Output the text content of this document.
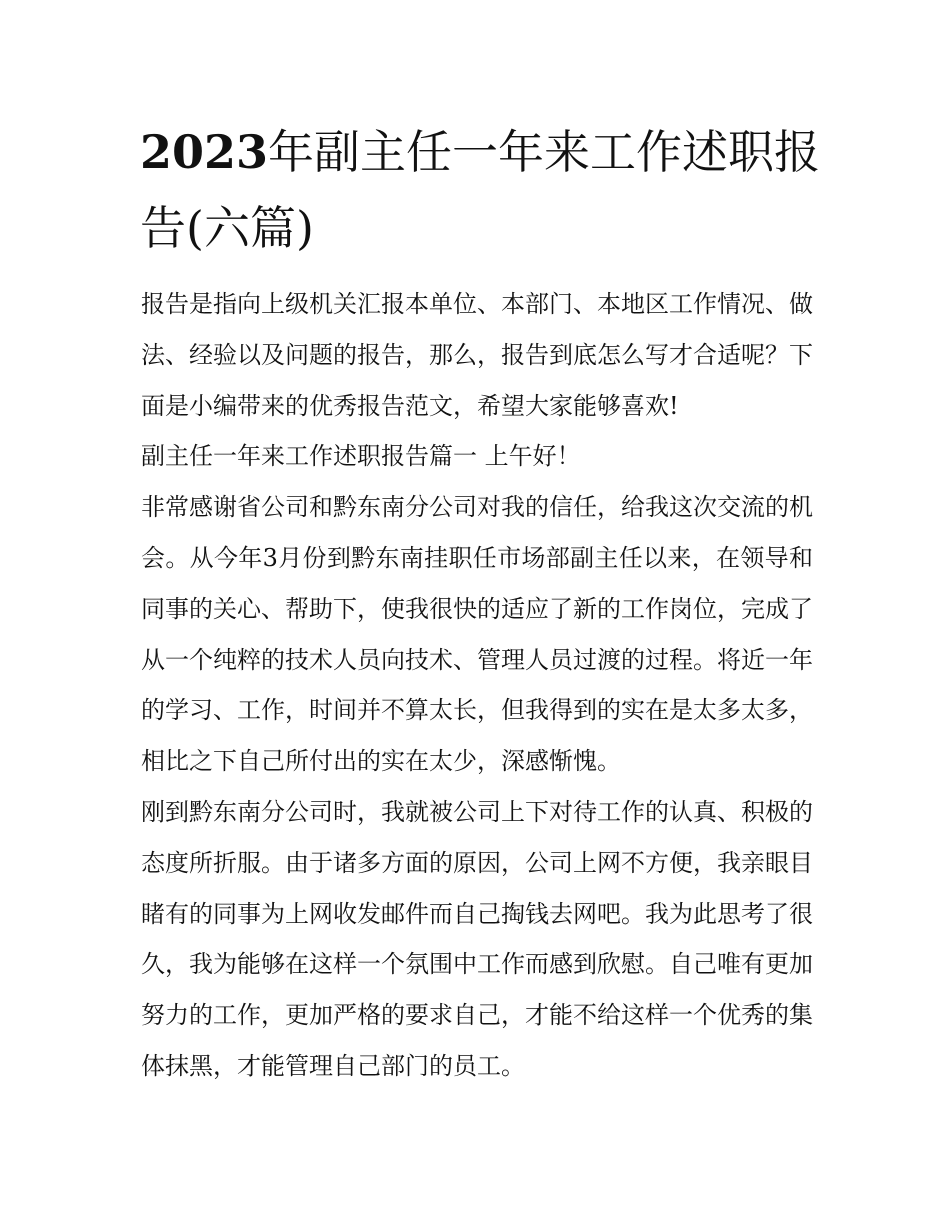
2023年副主任一年来工作述职报告(六篇)

报告是指向上级机关汇报本单位、本部门、本地区工作情况、做法、经验以及问题的报告，那么，报告到底怎么写才合适呢？下面是小编带来的优秀报告范文，希望大家能够喜欢!

副主任一年来工作述职报告篇一 上午好！

非常感谢省公司和黔东南分公司对我的信任，给我这次交流的机会。从今年3月份到黔东南挂职任市场部副主任以来，在领导和同事的关心、帮助下，使我很快的适应了新的工作岗位，完成了从一个纯粹的技术人员向技术、管理人员过渡的过程。将近一年的学习、工作，时间并不算太长，但我得到的实在是太多太多，相比之下自己所付出的实在太少，深感惭愧。

刚到黔东南分公司时，我就被公司上下对待工作的认真、积极的态度所折服。由于诸多方面的原因，公司上网不方便，我亲眼目睹有的同事为上网收发邮件而自己掏钱去网吧。我为此思考了很久，我为能够在这样一个氛围中工作而感到欣慰。自己唯有更加努力的工作，更加严格的要求自己，才能不给这样一个优秀的集体抹黑，才能管理自己部门的员工。
